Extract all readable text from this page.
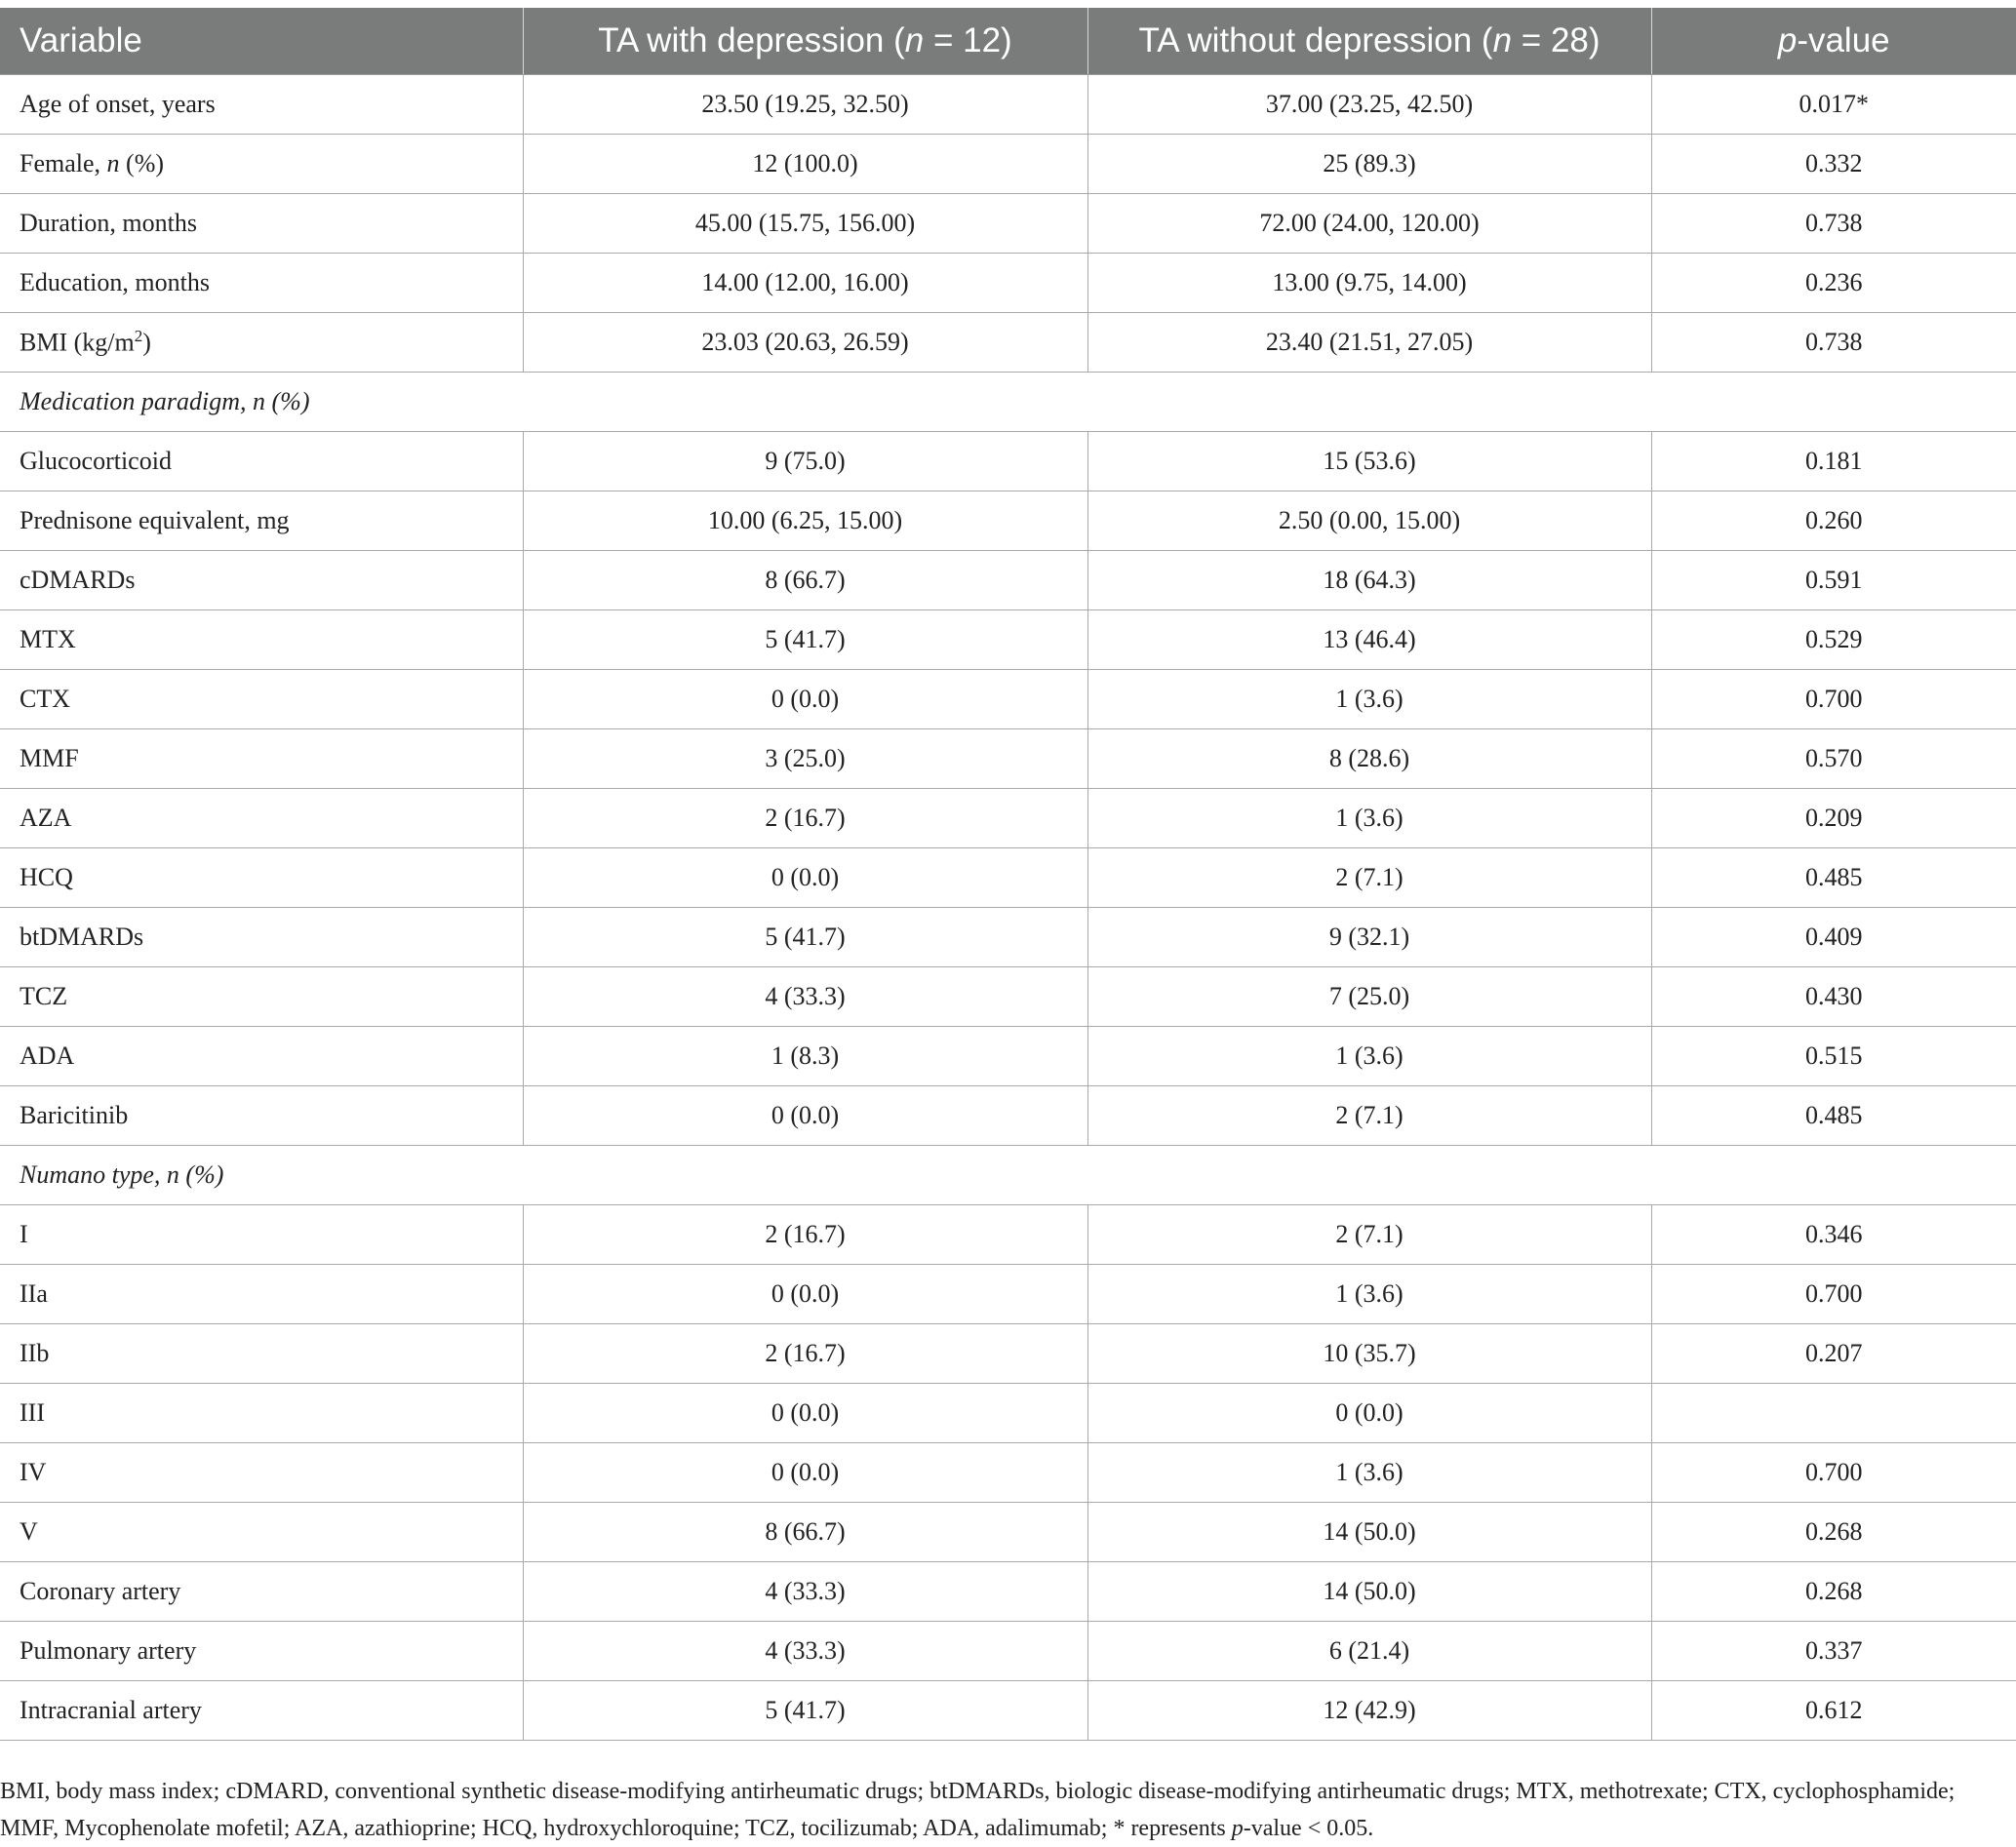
Variable	TA with depression (n = 12)	TA without depression (n = 28)	p-value
Age of onset, years	23.50 (19.25, 32.50)	37.00 (23.25, 42.50)	0.017*
Female, n (%)	12 (100.0)	25 (89.3)	0.332
Duration, months	45.00 (15.75, 156.00)	72.00 (24.00, 120.00)	0.738
Education, months	14.00 (12.00, 16.00)	13.00 (9.75, 14.00)	0.236
BMI $(kg/m^2)$	23.03 (20.63, 26.59)	23.40 (21.51, 27.05)	0.738
Medication paradigm, n (%)			
Glucocorticoid	9 (75.0)	15 (53.6)	0.181
Prednisone equivalent, mg	10.00 (6.25, 15.00)	2.50 (0.00, 15.00)	0.260
cDMARDs	8 (66.7)	18 (64.3)	0.591
MTX	5 (41.7)	13 (46.4)	0.529
CTX	0 (0.0)	1 (3.6)	0.700
MMF	3 (25.0)	8 (28.6)	0.570
AZA	2 (16.7)	1 (3.6)	0.209
HCQ	0 (0.0)	2 (7.1)	0.485
btDMARDs	5 (41.7)	9 (32.1)	0.409
TCZ	4 (33.3)	7 (25.0)	0.430
ADA	1 (8.3)	1 (3.6)	0.515
Baricitinib	0 (0.0)	2 (7.1)	0.485
Numano type, n (%)			
I	2 (16.7)	2 (7.1)	0.346
IIa	0 (0.0)	1 (3.6)	0.700
IIb	2 (16.7)	10 (35.7)	0.207
III	0 (0.0)	0 (0.0)	
IV	0 (0.0)	1 (3.6)	0.700
V	8 (66.7)	14 (50.0)	0.268
Coronary artery	4 (33.3)	14 (50.0)	0.268
Pulmonary artery	4 (33.3)	6 (21.4)	0.337
Intracranial artery	5 (41.7)	12 (42.9)	0.612
BMI, body mass index; cDMARD, conventional synthetic disease-modifying antirheumatic drugs; btDMARDs, biologic disease-modifying antirheumatic drugs; MTX, methotrexate; CTX, cyclophosphamide; MMF, Mycophenolate mofetil; AZA, azathioprine; HCQ, hydroxychloroquine; TCZ, tocilizumab; ADA, adalimumab; * represents p-value < 0.05.
